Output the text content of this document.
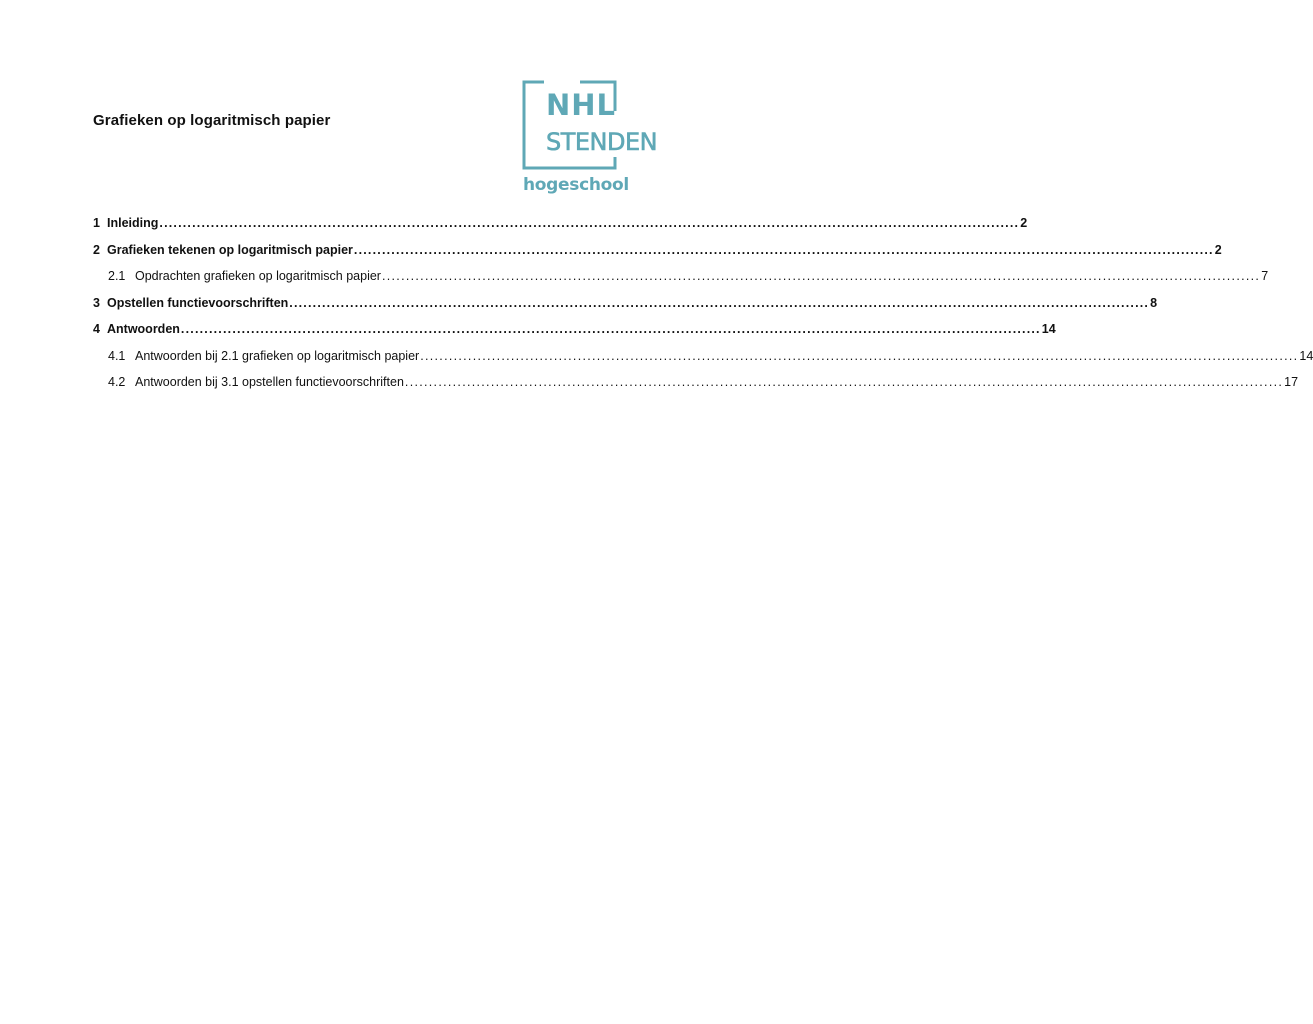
Grafieken op logaritmisch papier	NHL
STENDEN
hogeschool
1 Inleiding ........................................................................................................................................................................................ 2
2 Grafieken tekenen op logaritmisch papier ........................................................................................................................................................................................ 2
2.1 Opdrachten grafieken op logaritmisch papier ........................................................................................................................................................................................ 7
3 Opstellen functievoorschriften ........................................................................................................................................................................................ 8
4 Antwoorden ........................................................................................................................................................................................ 14
4.1 Antwoorden bij 2.1 grafieken op logaritmisch papier ........................................................................................................................................................................................ 14
4.2 Antwoorden bij 3.1 opstellen functievoorschriften ........................................................................................................................................................................................ 17
